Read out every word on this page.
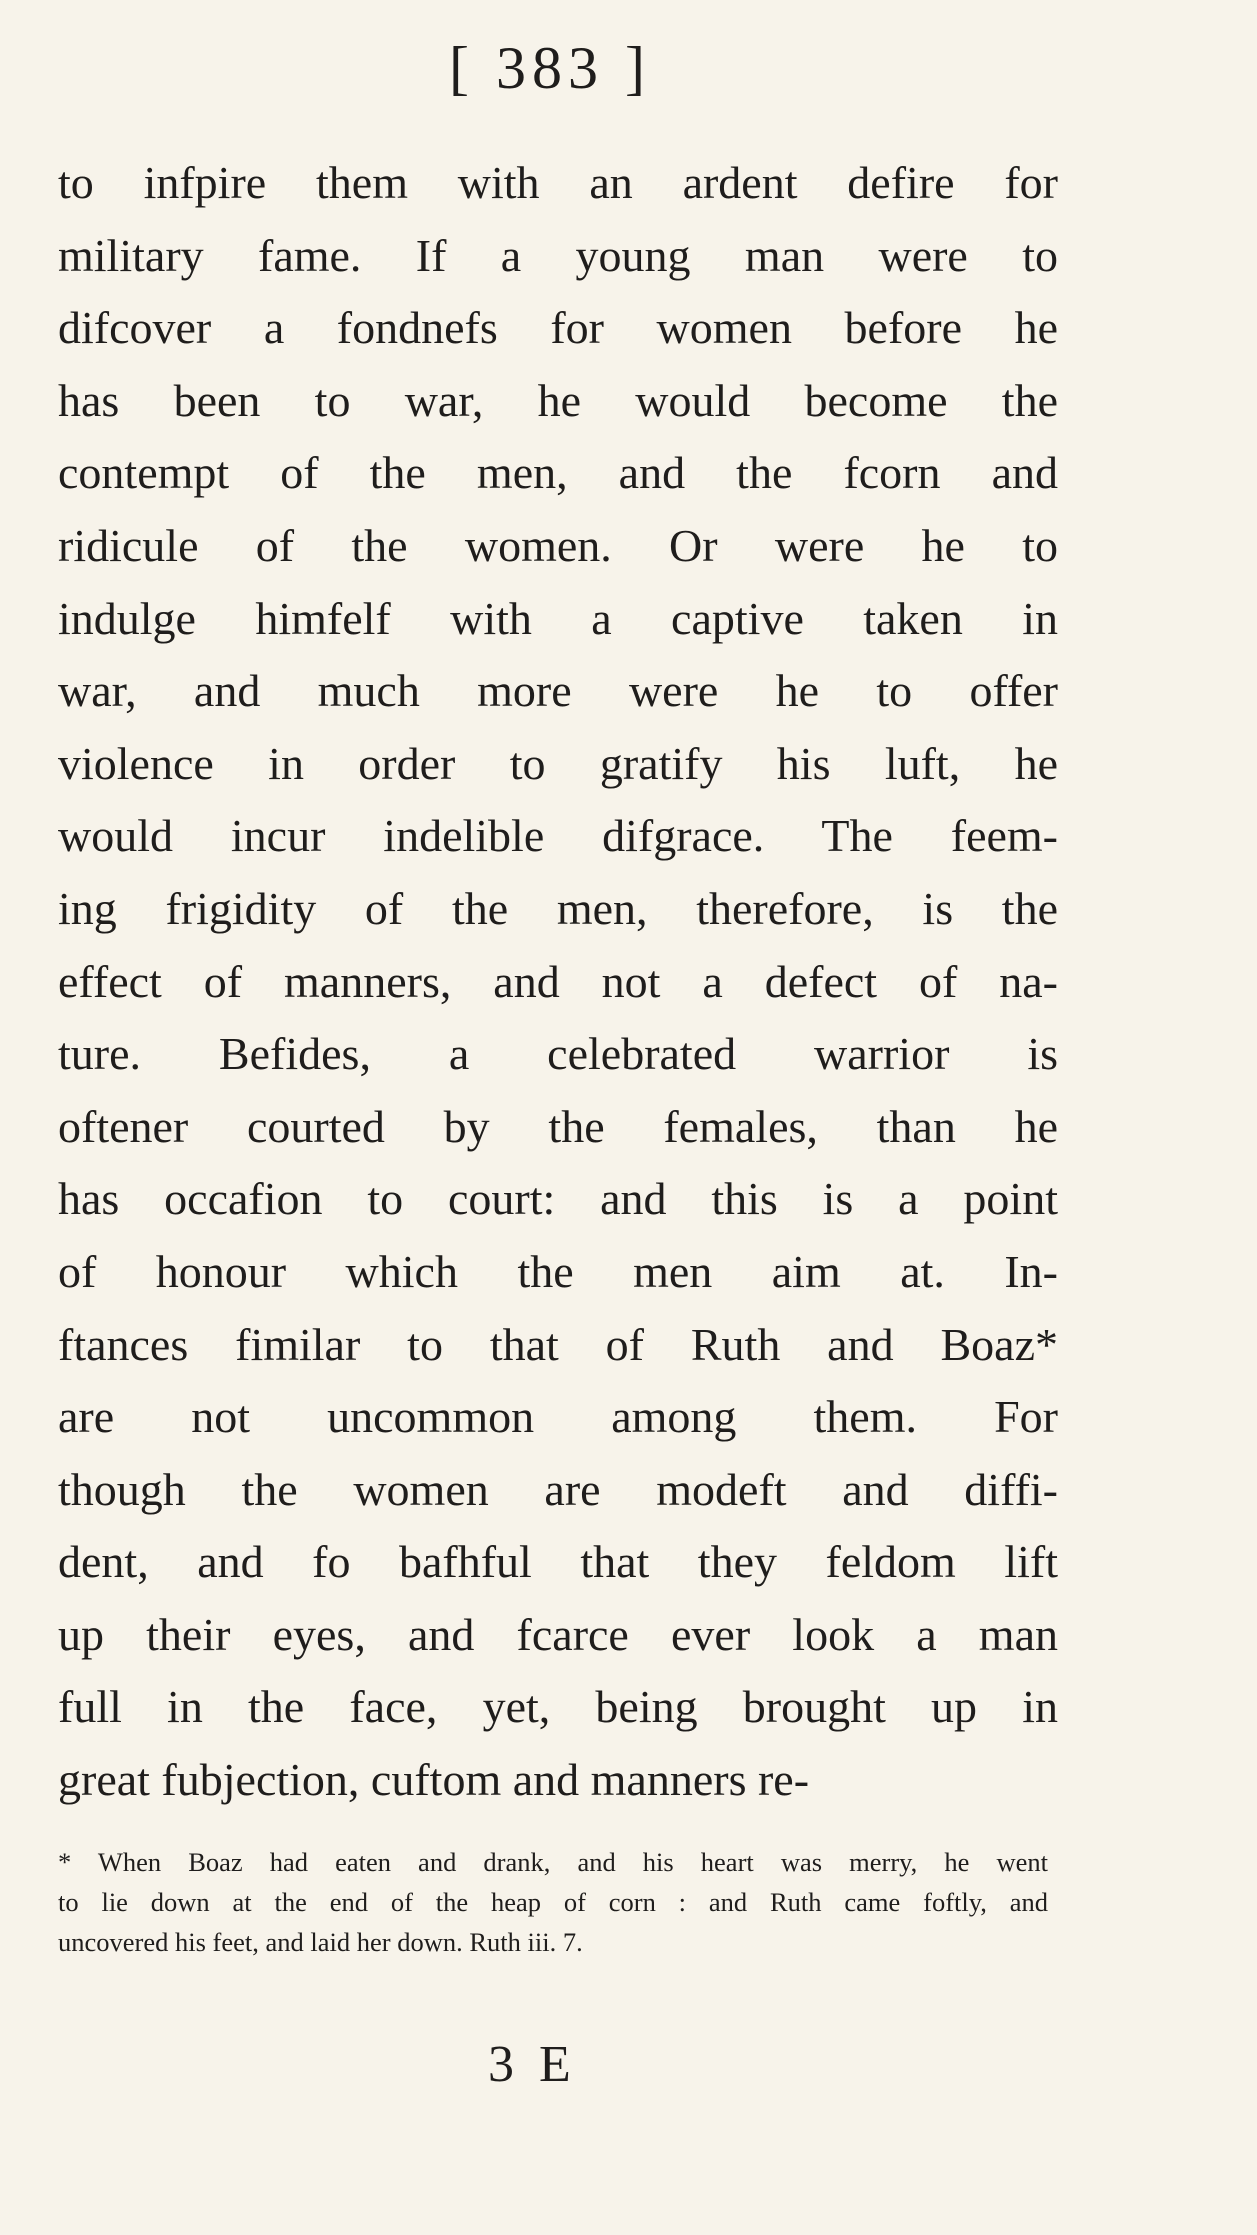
[ 383 ]
to infpire them with an ardent defire for
military fame. If a young man were to
difcover a fondnefs for women before he
has been to war, he would become the
contempt of the men, and the fcorn and
ridicule of the women. Or were he to
indulge himfelf with a captive taken in
war, and much more were he to offer
violence in order to gratify his luft, he
would incur indelible difgrace. The feem-
ing frigidity of the men, therefore, is the
effect of manners, and not a defect of na-
ture. Befides, a celebrated warrior is
oftener courted by the females, than he
has occafion to court: and this is a point
of honour which the men aim at. In-
ftances fimilar to that of Ruth and Boaz*
are not uncommon among them. For
though the women are modeft and diffi-
dent, and fo bafhful that they feldom lift
up their eyes, and fcarce ever look a man
full in the face, yet, being brought up in
great fubjection, cuftom and manners re-
* When Boaz had eaten and drank, and his heart was merry, he went
to lie down at the end of the heap of corn : and Ruth came foftly, and
uncovered his feet, and laid her down. Ruth iii. 7.
3 E
